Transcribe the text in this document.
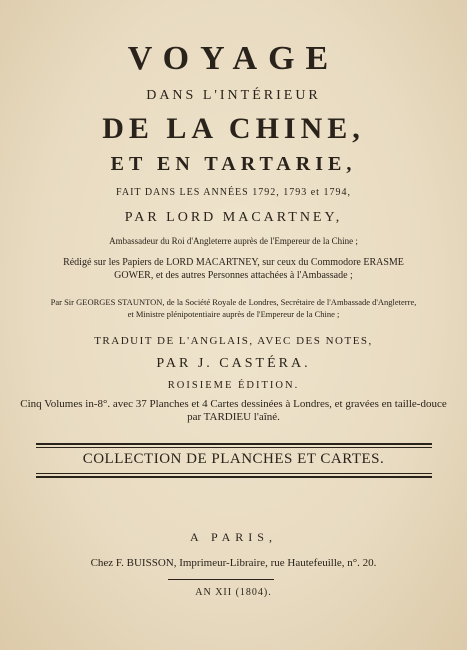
VOYAGE
DANS L'INTÉRIEUR
DE LA CHINE,
ET EN TARTARIE,
FAIT DANS LES ANNÉES 1792, 1793 et 1794,
PAR LORD MACARTNEY,
Ambassadeur du Roi d'Angleterre auprès de l'Empereur de la Chine ;
Rédigé sur les Papiers de LORD MACARTNEY, sur ceux du Commodore ERASME
GOWER, et des autres Personnes attachées à l'Ambassade ;
Par Sir GEORGES STAUNTON, de la Société Royale de Londres, Secrétaire de l'Ambassade d'Angleterre,
et Ministre plénipotentiaire auprès de l'Empereur de la Chine ;
TRADUIT DE L'ANGLAIS, AVEC DES NOTES,
PAR J. CASTÉRA.
ROISIEME ÉDITION.
Cinq Volumes in-8°. avec 37 Planches et 4 Cartes dessinées à Londres, et gravées en taille-douce
par TARDIEU l'aîné.
COLLECTION DE PLANCHES ET CARTES.
A PARIS,
Chez F. BUISSON, Imprimeur-Libraire, rue Hautefeuille, n°. 20.
AN XII (1804).
